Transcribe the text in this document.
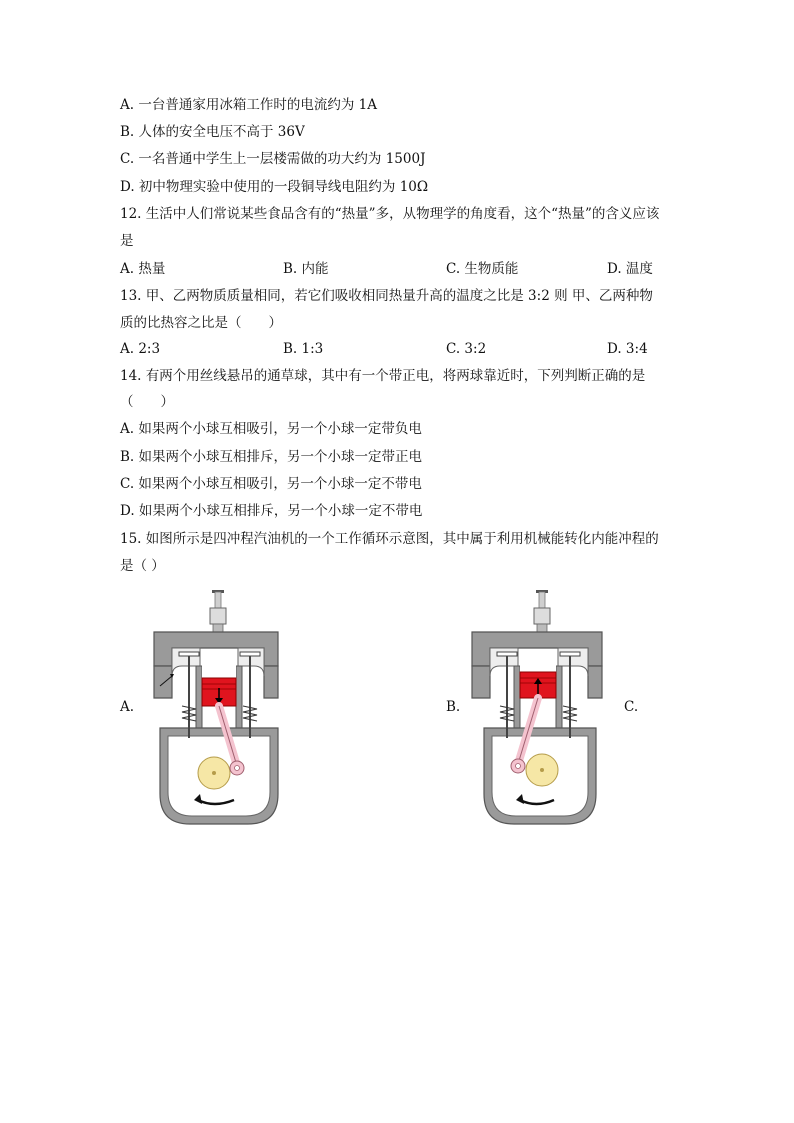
A. 一台普通家用冰箱工作时的电流约为 1A
B. 人体的安全电压不高于 36V
C. 一名普通中学生上一层楼需做的功大约为 1500J
D. 初中物理实验中使用的一段铜导线电阻约为 10Ω
12. 生活中人们常说某些食品含有的“热量”多，从物理学的角度看，这个“热量”的含义应该
是
A. 热量	B. 内能	C. 生物质能	D. 温度
13. 甲、乙两物质质量相同，若它们吸收相同热量升高的温度之比是 3:2 则 甲、乙两种物
质的比热容之比是（　　）
A. 2:3	B. 1:3	C. 3:2	D. 3:4
14. 有两个用丝线悬吊的通草球，其中有一个带正电，将两球靠近时，下列判断正确的是
（　　）
A. 如果两个小球互相吸引，另一个小球一定带负电
B. 如果两个小球互相排斥，另一个小球一定带正电
C. 如果两个小球互相吸引，另一个小球一定不带电
D. 如果两个小球互相排斥，另一个小球一定不带电
15. 如图所示是四冲程汽油机的一个工作循环示意图，其中属于利用机械能转化内能冲程的
是（ ）
A.	B.	C.
